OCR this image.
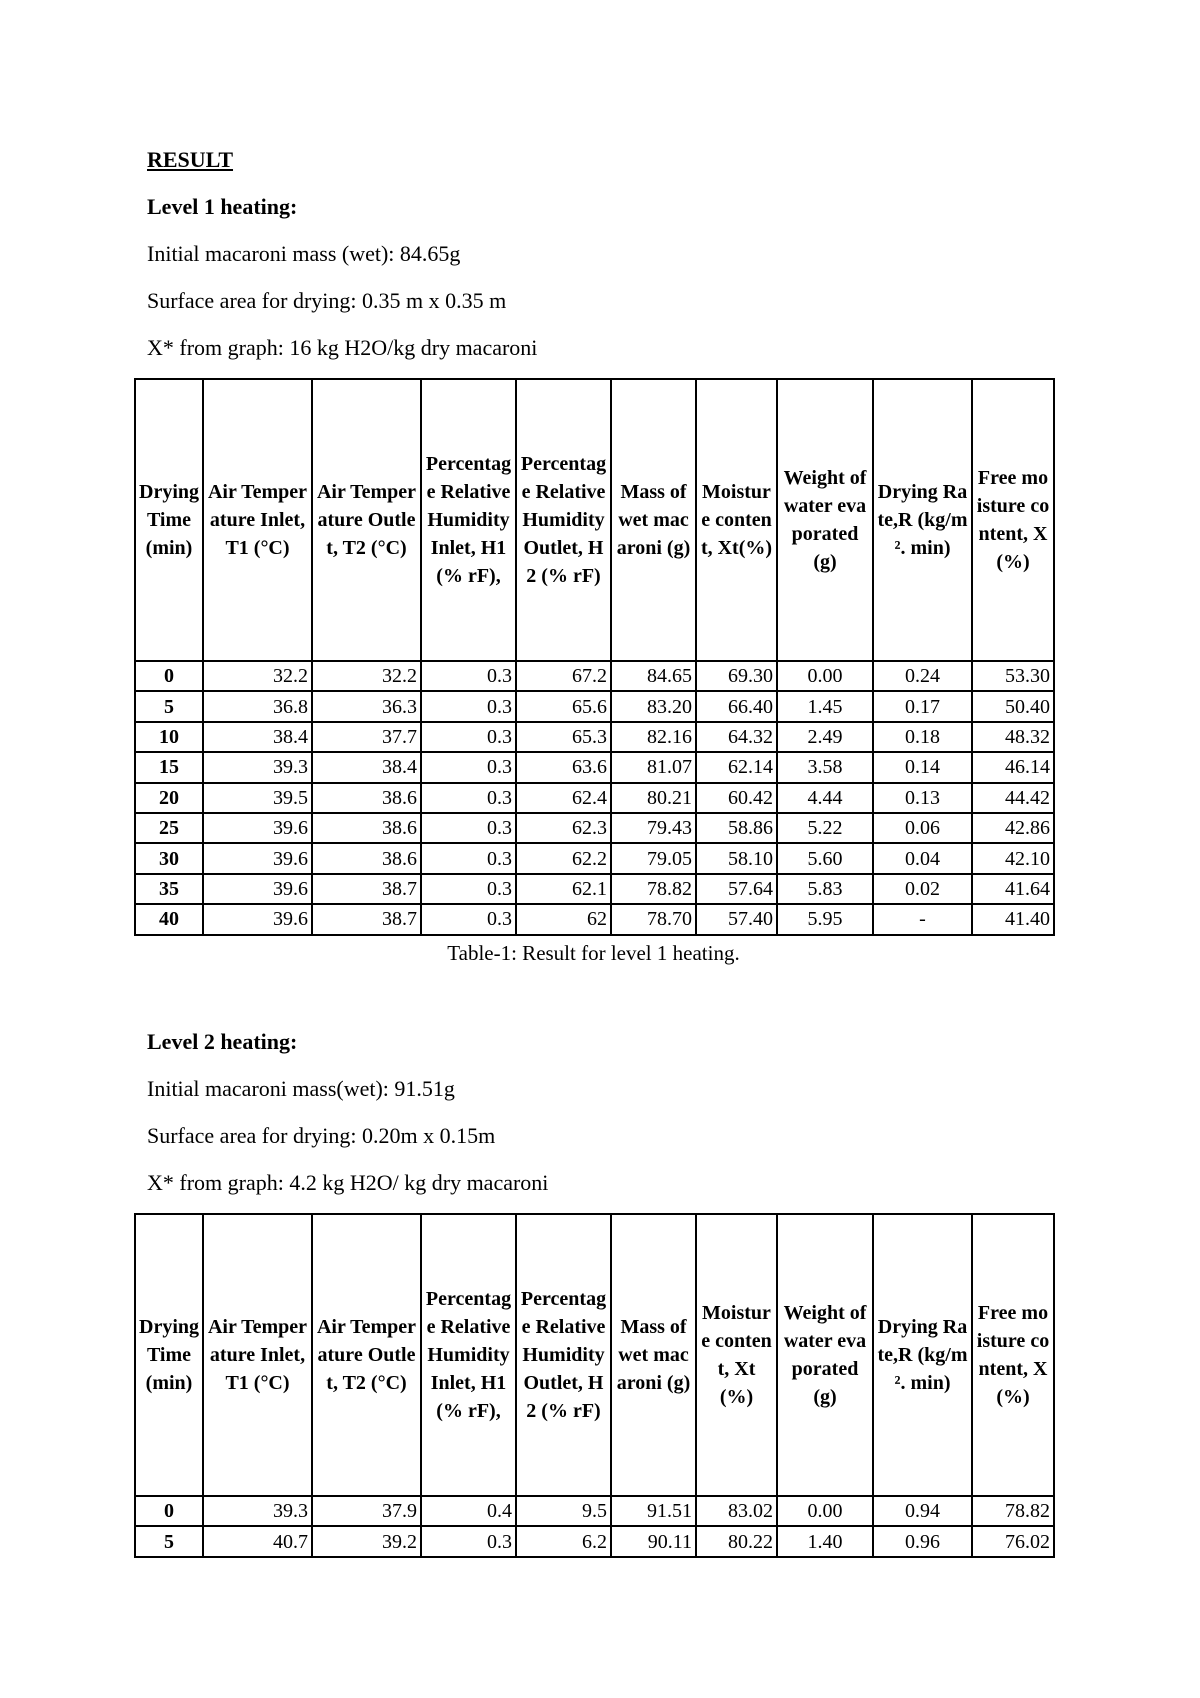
RESULT

Level 1 heating:

Initial macaroni mass (wet): 84.65g

Surface area for drying: 0.35 m x 0.35 m

X* from graph: 16 kg H2O/kg dry macaroni

Drying Time (min)	Air Temperature Inlet, T1 (°C)	Air Temperature Outlet, T2 (°C)	Percentage Relative Humidity Inlet, H1 (% rF),	Percentage Relative Humidity Outlet, H2 (% rF)	Mass of wet macaroni (g)	Moisture content, Xt(%)	Weight of water evaporated (g)	Drying Rate,R (kg/m². min)	Free moisture content, X (%)
0	32.2	32.2	0.3	67.2	84.65	69.30	0.00	0.24	53.30
5	36.8	36.3	0.3	65.6	83.20	66.40	1.45	0.17	50.40
10	38.4	37.7	0.3	65.3	82.16	64.32	2.49	0.18	48.32
15	39.3	38.4	0.3	63.6	81.07	62.14	3.58	0.14	46.14
20	39.5	38.6	0.3	62.4	80.21	60.42	4.44	0.13	44.42
25	39.6	38.6	0.3	62.3	79.43	58.86	5.22	0.06	42.86
30	39.6	38.6	0.3	62.2	79.05	58.10	5.60	0.04	42.10
35	39.6	38.7	0.3	62.1	78.82	57.64	5.83	0.02	41.64
40	39.6	38.7	0.3	62	78.70	57.40	5.95	-	41.40
Table-1: Result for level 1 heating.

Level 2 heating:

Initial macaroni mass(wet): 91.51g

Surface area for drying: 0.20m x 0.15m

X* from graph: 4.2 kg H2O/ kg dry macaroni

Drying Time (min)	Air Temperature Inlet, T1 (°C)	Air Temperature Outlet, T2 (°C)	Percentage Relative Humidity Inlet, H1 (% rF),	Percentage Relative Humidity Outlet, H2 (% rF)	Mass of wet macaroni (g)	Moisture content, Xt (%)	Weight of water evaporated (g)	Drying Rate,R (kg/m². min)	Free moisture content, X (%)
0	39.3	37.9	0.4	9.5	91.51	83.02	0.00	0.94	78.82
5	40.7	39.2	0.3	6.2	90.11	80.22	1.40	0.96	76.02
